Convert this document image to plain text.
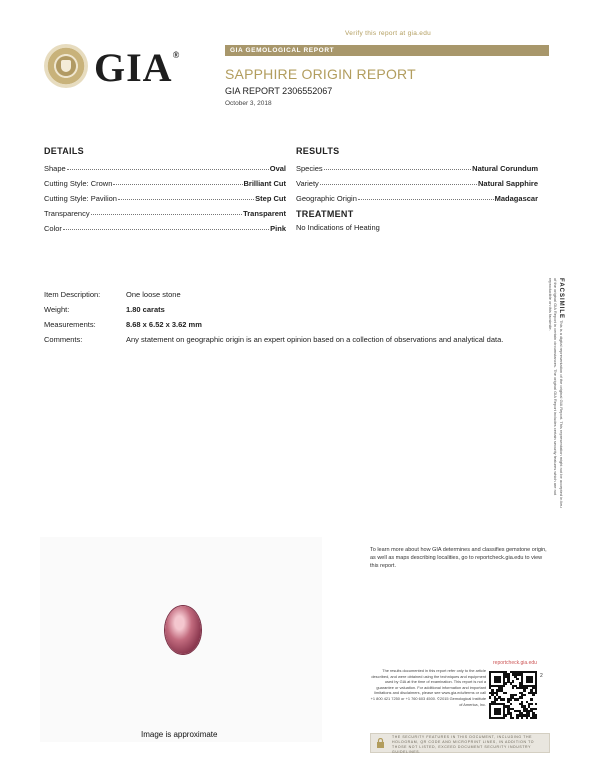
Verify this report at gia.edu
GIA®	GIA GEMOLOGICAL REPORT
SAPPHIRE ORIGIN REPORT
GIA REPORT 2306552067
October 3, 2018
DETAILS
Shape	Oval
Cutting Style: Crown	Brilliant Cut
Cutting Style: Pavilion	Step Cut
Transparency	Transparent
Color	Pink
RESULTS
Species	Natural Corundum
Variety	Natural Sapphire
Geographic Origin	Madagascar
TREATMENT
No Indications of Heating
Item Description:	One loose stone
Weight:	1.80 carats
Measurements:	8.68 x 6.52 x 3.62 mm
Comments:	Any statement on geographic origin is an expert opinion based on a collection of observations and analytical data.
FACSIMILE This is a digital representation of the original GIA Report. This representation might not be accepted in lieu of the original GIA Report in certain circumstances. The original GIA Report includes certain security features which are not reproducible on this facsimile.
Image is approximate
To learn more about how GIA determines and classifies gemstone origin, as well as maps describing localities, go to reportcheck.gia.edu to view this report.
reportcheck.gia.edu
2
The results documented in this report refer only to the article described, and were obtained using the techniques and equipment used by GIA at the time of examination. This report is not a guarantee or valuation. For additional information and important limitations and disclaimers, please see www.gia.edu/terms or call +1 800 421 7250 or +1 760 603 4500. ©2015 Gemological Institute of America, Inc.
THE SECURITY FEATURES IN THIS DOCUMENT, INCLUDING THE HOLOGRAM, QR CODE AND MICROPRINT LINES, IN ADDITION TO THOSE NOT LISTED, EXCEED DOCUMENT SECURITY INDUSTRY GUIDELINES.
